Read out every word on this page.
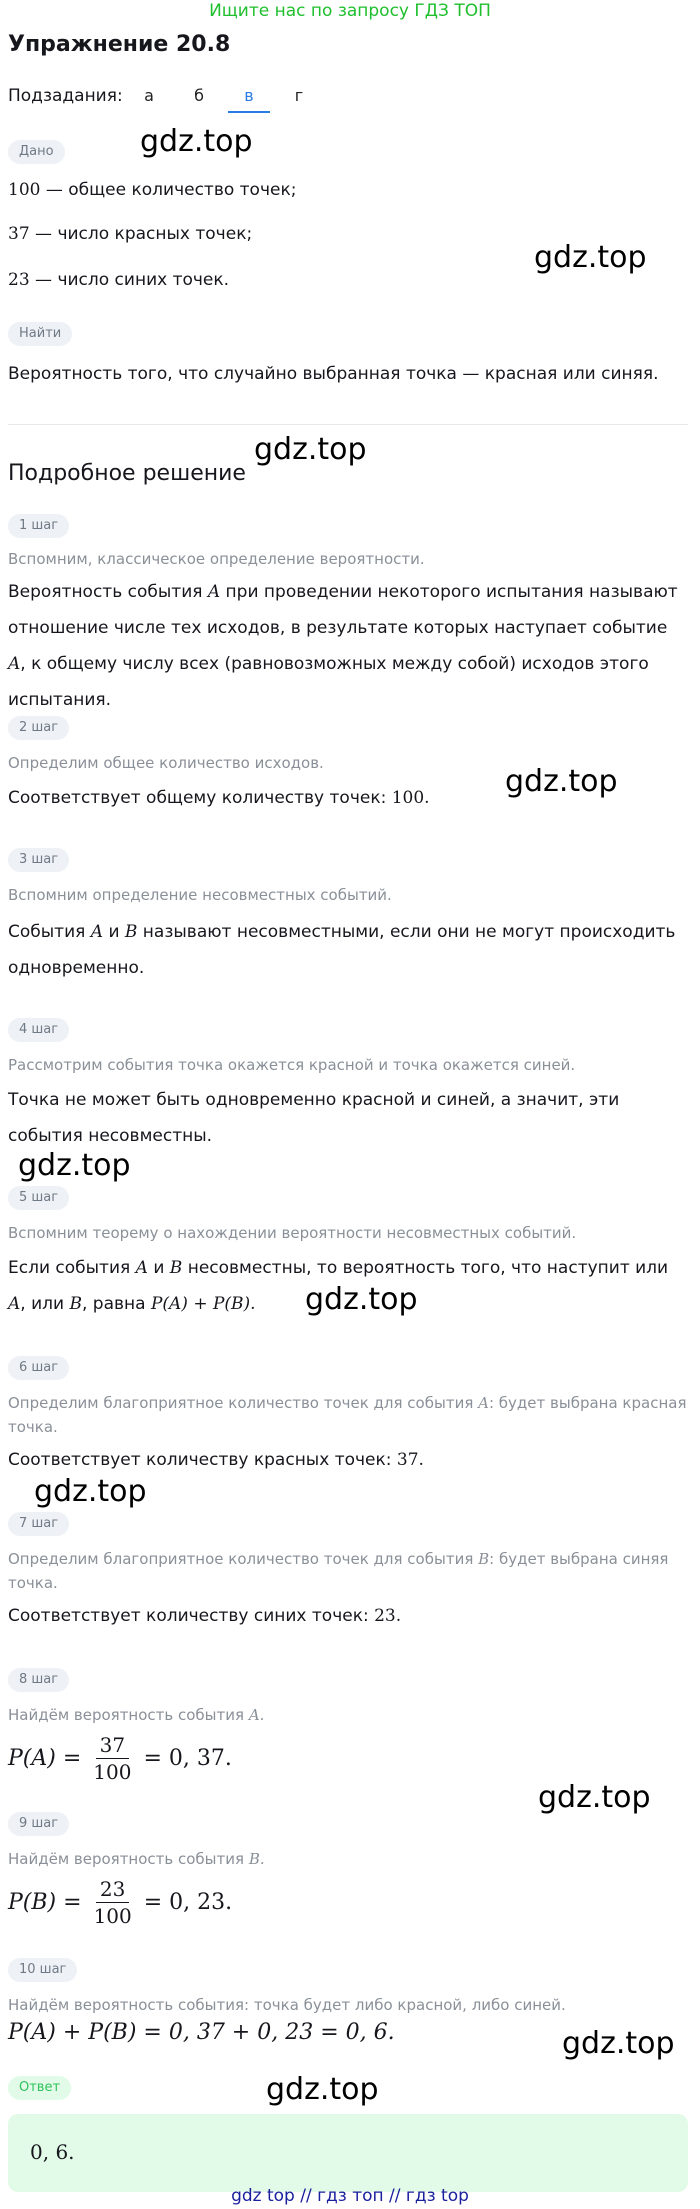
Ищите нас по запросу ГДЗ ТОП
Упражнение 20.8
Подзадания:	а	б	в	г
Дано
100 — общее количество точек;
37 — число красных точек;
23 — число синих точек.
Найти
Вероятность того, что случайно выбранная точка — красная или синяя.
Подробное решение
1 шаг
Вспомним, классическое определение вероятности.
Вероятность события A при проведении некоторого испытания называют отношение числе тех исходов, в результате которых наступает событие A, к общему числу всех (равновозможных между собой) исходов этого испытания.
2 шаг
Определим общее количество исходов.
Соответствует общему количеству точек: 100.
3 шаг
Вспомним определение несовместных событий.
События A и B называют несовместными, если они не могут происходить одновременно.
4 шаг
Рассмотрим события точка окажется красной и точка окажется синей.
Точка не может быть одновременно красной и синей, а значит, эти события несовместны.
5 шаг
Вспомним теорему о нахождении вероятности несовместных событий.
Если события A и B несовместны, то вероятность того, что наступит или A, или B, равна P(A) + P(B).
6 шаг
Определим благоприятное количество точек для события A: будет выбрана красная
точка.
Соответствует количеству красных точек: 37.
7 шаг
Определим благоприятное количество точек для события B: будет выбрана синяя
точка.
Соответствует количеству синих точек: 23.
8 шаг
Найдём вероятность события A.
$P(A) = \frac{37}{100} = 0$, 37.
9 шаг
Найдём вероятность события B.
$P(B) = \frac{23}{100} = 0$, 23.
10 шаг
Найдём вероятность события: точка будет либо красной, либо синей.
P(A) + P(B) = 0, 37 + 0, 23 = 0, 6.
Ответ
0, 6.
gdz.top
gdz.top
gdz.top
gdz.top
gdz.top
gdz.top
gdz.top
gdz.top
gdz.top
gdz.top
gdz top // гдз топ // гдз top
